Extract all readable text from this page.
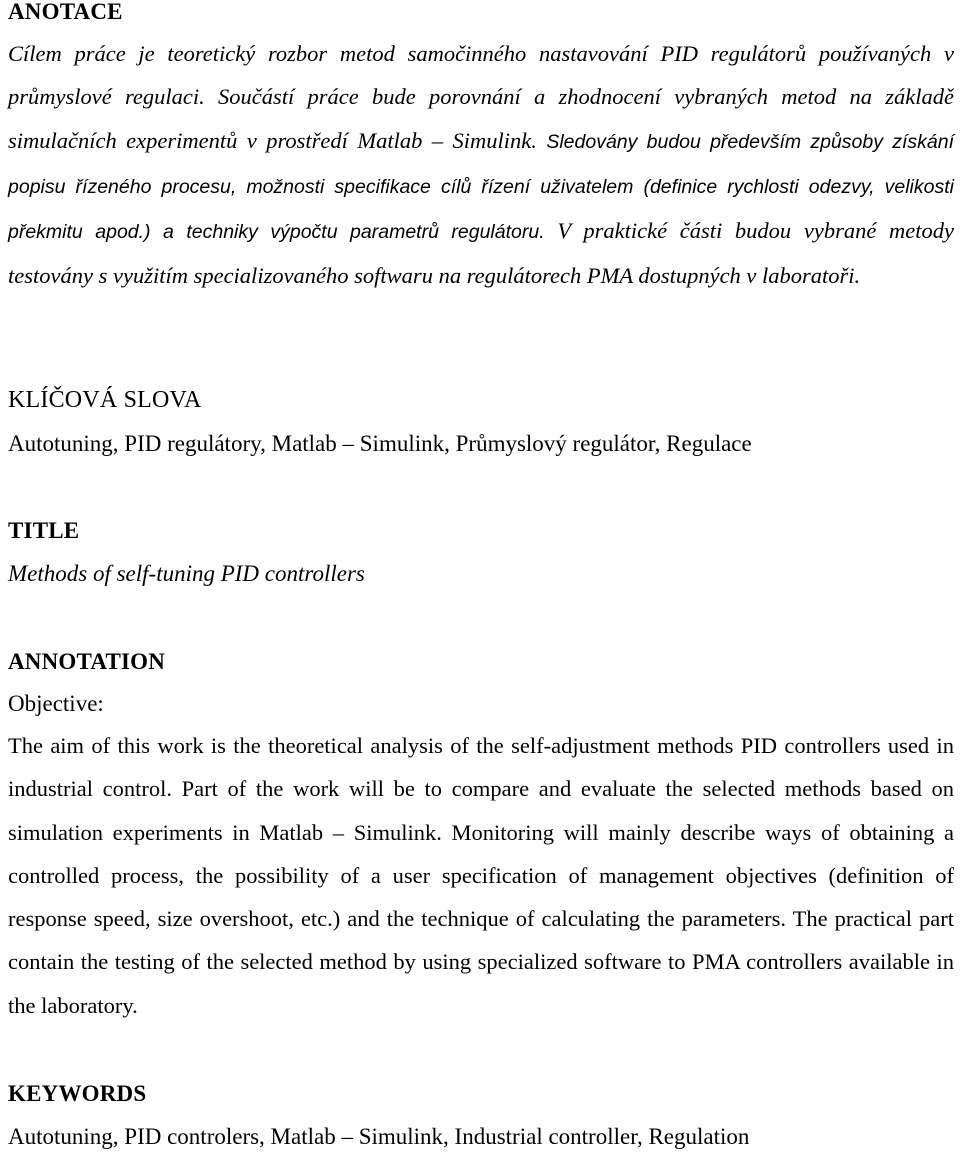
ANOTACE
Cílem práce je teoretický rozbor metod samočinného nastavování PID regulátorů používaných v průmyslové regulaci. Součástí práce bude porovnání a zhodnocení vybraných metod na základě simulačních experimentů v prostředí Matlab – Simulink. Sledovány budou především způsoby získání popisu řízeného procesu, možnosti specifikace cílů řízení uživatelem (definice rychlosti odezvy, velikosti překmitu apod.) a techniky výpočtu parametrů regulátoru. V praktické části budou vybrané metody testovány s využitím specializovaného softwaru na regulátorech PMA dostupných v laboratoři.
KLÍČOVÁ SLOVA
Autotuning, PID regulátory, Matlab – Simulink, Průmyslový regulátor, Regulace
TITLE
Methods of self-tuning PID controllers
ANNOTATION
Objective:
The aim of this work is the theoretical analysis of the self-adjustment methods PID controllers used in industrial control. Part of the work will be to compare and evaluate the selected methods based on simulation experiments in Matlab – Simulink. Monitoring will mainly describe ways of obtaining a controlled process, the possibility of a user specification of management objectives (definition of response speed, size overshoot, etc.) and the technique of calculating the parameters. The practical part contain the testing of the selected method by using specialized software to PMA controllers available in the laboratory.
KEYWORDS
Autotuning, PID controlers, Matlab – Simulink, Industrial controller, Regulation
